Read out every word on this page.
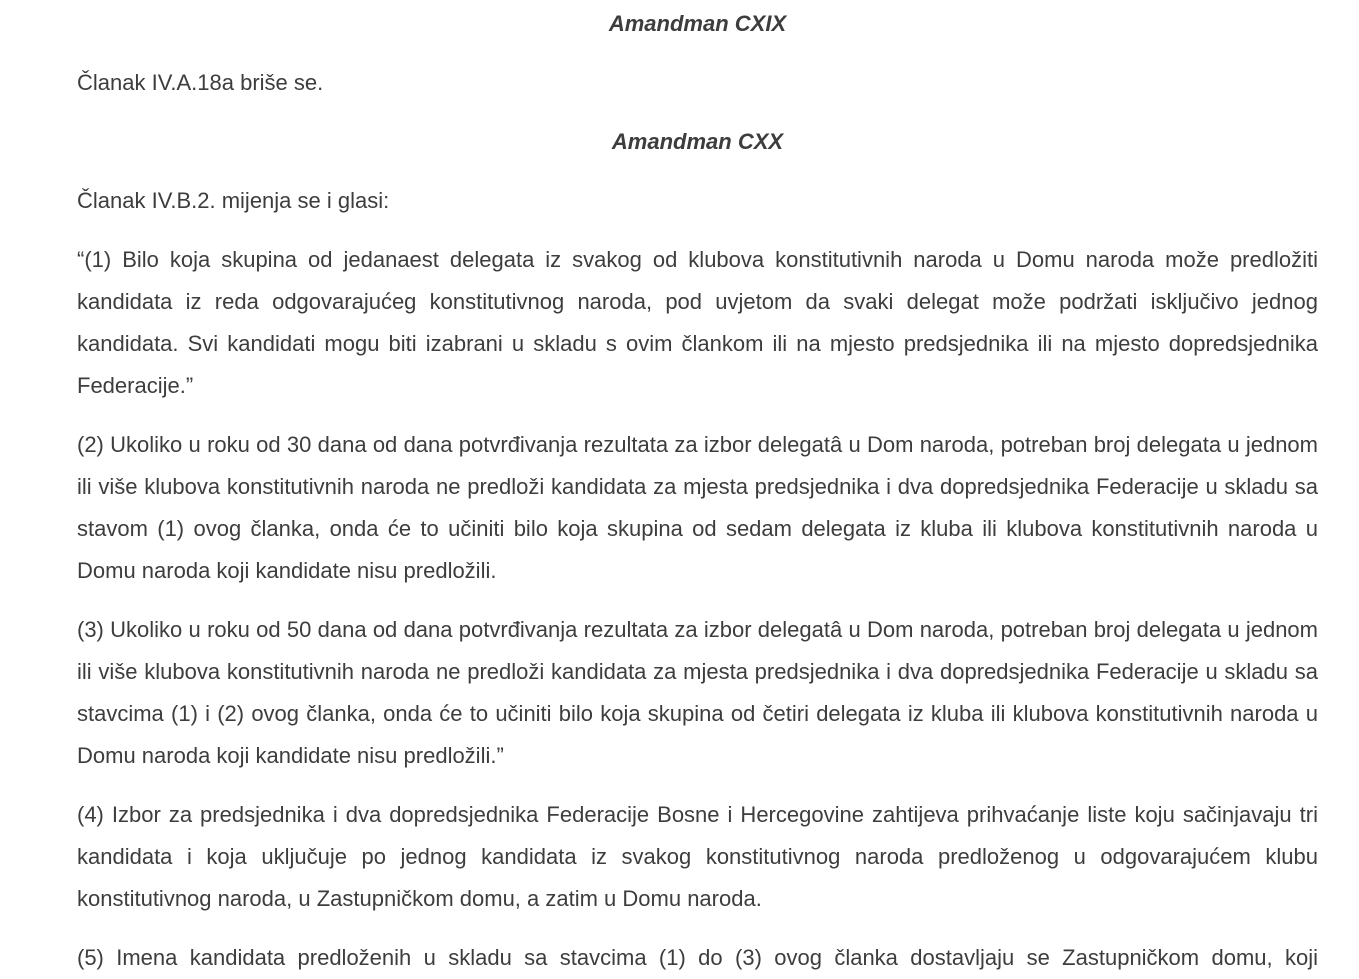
Amandman CXIX

Članak IV.A.18a briše se.

Amandman CXX

Članak IV.B.2. mijenja se i glasi:

“(1) Bilo koja skupina od jedanaest delegata iz svakog od klubova konstitutivnih naroda u Domu naroda može predložiti kandidata iz reda odgovarajućeg konstitutivnog naroda, pod uvjetom da svaki delegat može podržati isključivo jednog kandidata. Svi kandidati mogu biti izabrani u skladu s ovim člankom ili na mjesto predsjednika ili na mjesto dopredsjednika Federacije.”

(2) Ukoliko u roku od 30 dana od dana potvrđivanja rezultata za izbor delegatâ u Dom naroda, potreban broj delegata u jednom ili više klubova konstitutivnih naroda ne predloži kandidata za mjesta predsjednika i dva dopredsjednika Federacije u skladu sa stavom (1) ovog članka, onda će to učiniti bilo koja skupina od sedam delegata iz kluba ili klubova konstitutivnih naroda u Domu naroda koji kandidate nisu predložili.

(3) Ukoliko u roku od 50 dana od dana potvrđivanja rezultata za izbor delegatâ u Dom naroda, potreban broj delegata u jednom ili više klubova konstitutivnih naroda ne predloži kandidata za mjesta predsjednika i dva dopredsjednika Federacije u skladu sa stavcima (1) i (2) ovog članka, onda će to učiniti bilo koja skupina od četiri delegata iz kluba ili klubova konstitutivnih naroda u Domu naroda koji kandidate nisu predložili.”

(4) Izbor za predsjednika i dva dopredsjednika Federacije Bosne i Hercegovine zahtijeva prihvaćanje liste koju sačinjavaju tri kandidata i koja uključuje po jednog kandidata iz svakog konstitutivnog naroda predloženog u odgovarajućem klubu konstitutivnog naroda, u Zastupničkom domu, a zatim u Domu naroda.

(5) Imena kandidata predloženih u skladu sa stavcima (1) do (3) ovog članka dostavljaju se Zastupničkom domu, koji
